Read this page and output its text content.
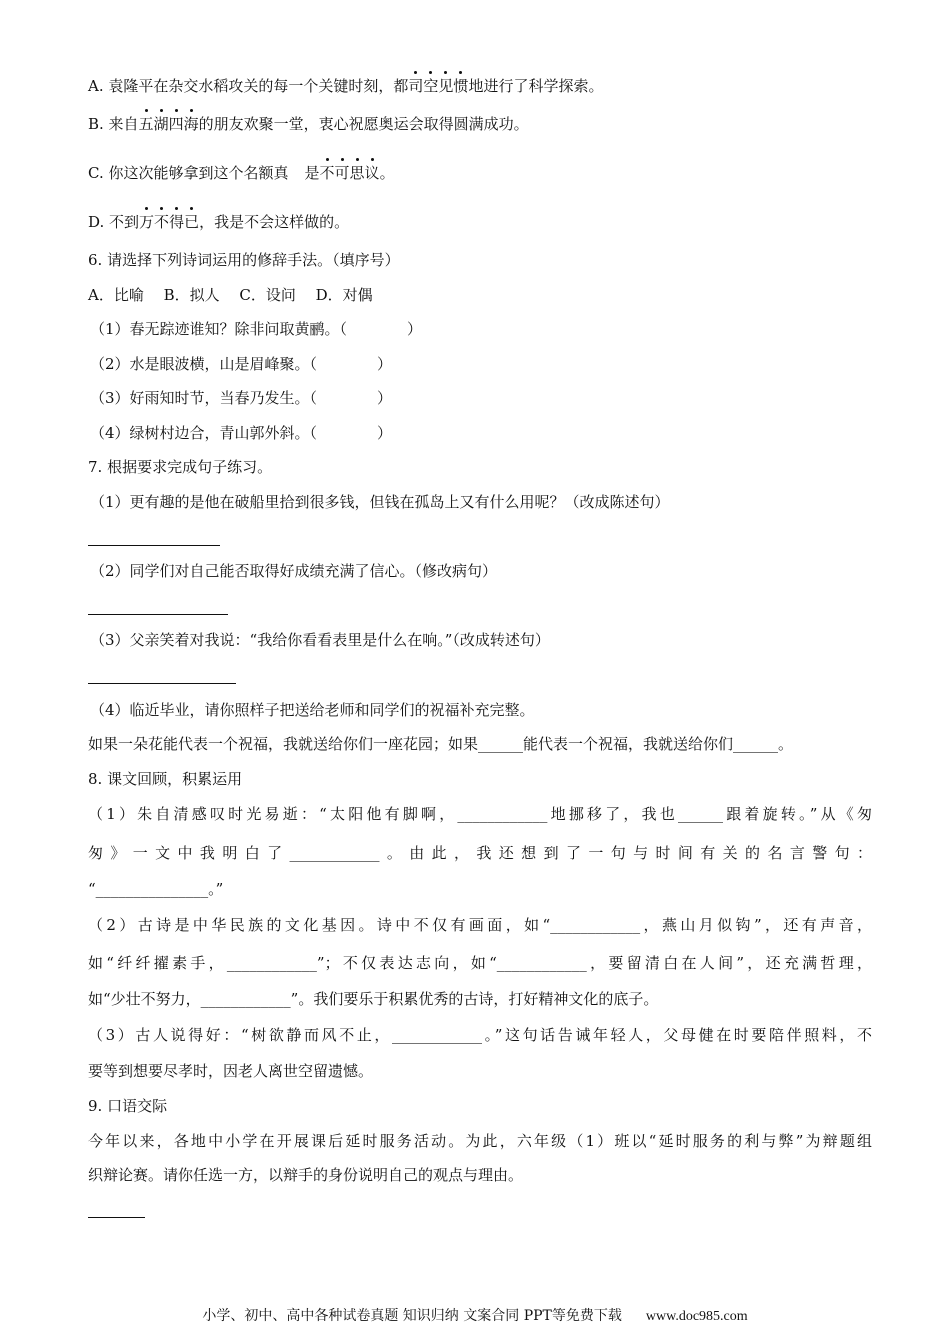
A. 袁隆平在杂交水稻攻关的每一个关键时刻，都司空见惯地进行了科学探索。
B. 来自五湖四海的朋友欢聚一堂，衷心祝愿奥运会取得圆满成功。
C. 你这次能够拿到这个名额真 是不可思议。
D. 不到万不得已，我是不会这样做的。
6. 请选择下列诗词运用的修辞手法。（填序号）
A．比喻　 B．拟人　 C．设问　 D．对偶
（1）春无踪迹谁知？除非问取黄鹂。（　　　　）
（2）水是眼波横，山是眉峰聚。（　　　　）
（3）好雨知时节，当春乃发生。（　　　　）
（4）绿树村边合，青山郭外斜。（　　　　）
7. 根据要求完成句子练习。
（1）更有趣的是他在破船里拾到很多钱，但钱在孤岛上又有什么用呢？（改成陈述句）
（2）同学们对自己能否取得好成绩充满了信心。（修改病句）
（3）父亲笑着对我说：“我给你看看表里是什么在响。”（改成转述句）
（4）临近毕业，请你照样子把送给老师和同学们的祝福补充完整。
如果一朵花能代表一个祝福，我就送给你们一座花园；如果______能代表一个祝福，我就送给你们______。
8. 课文回顾，积累运用
（1）朱自清感叹时光易逝：“太阳他有脚啊，____________地挪移了，我也______跟着旋转。”从《匆
匆》一文中我明白了____________。由此，我还想到了一句与时间有关的名言警句：
“_______________。”
（2）古诗是中华民族的文化基因。诗中不仅有画面，如“____________，燕山月似钩”，还有声音，
如“纤纤擢素手，____________”；不仅表达志向，如“____________，要留清白在人间”，还充满哲理，
如“少壮不努力，____________”。我们要乐于积累优秀的古诗，打好精神文化的底子。
（3）古人说得好：“树欲静而风不止，____________。”这句话告诫年轻人，父母健在时要陪伴照料，不
要等到想要尽孝时，因老人离世空留遗憾。
9. 口语交际
今年以来，各地中小学在开展课后延时服务活动。为此，六年级（1）班以“延时服务的利与弊”为辩题组
织辩论赛。请你任选一方，以辩手的身份说明自己的观点与理由。
小学、初中、高中各种试卷真题 知识归纳 文案合同 PPT等免费下载 www.doc985.com
